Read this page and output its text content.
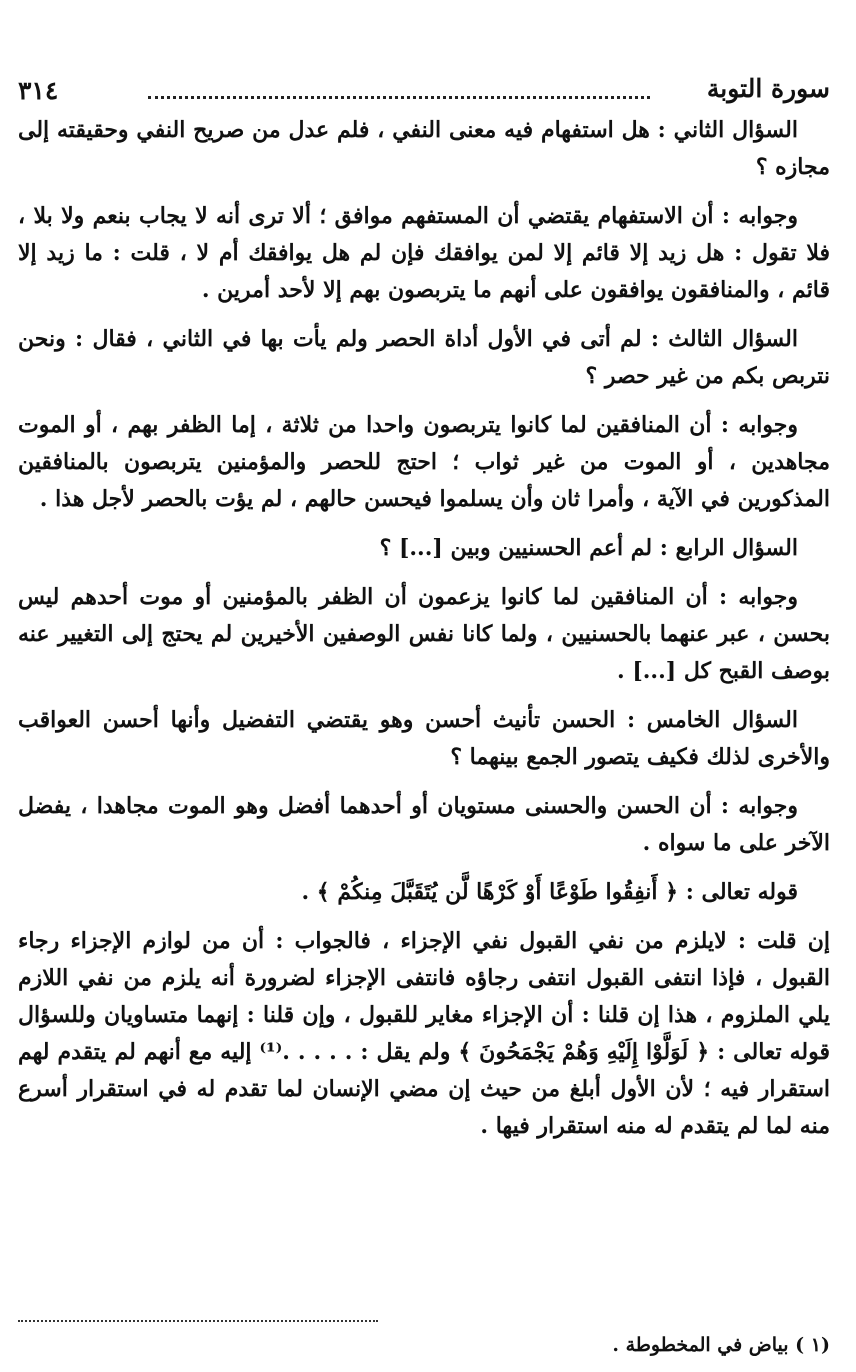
سورة التوبة
٣١٤

السؤال الثاني : هل استفهام فيه معنى النفي ، فلم عدل من صريح النفي وحقيقته إلى مجازه ؟

وجوابه : أن الاستفهام يقتضي أن المستفهم موافق ؛ ألا ترى أنه لا يجاب بنعم ولا بلا ، فلا تقول : هل زيد إلا قائم إلا لمن يوافقك فإن لم هل يوافقك أم لا ، قلت : ما زيد إلا قائم ، والمنافقون يوافقون على أنهم ما يتربصون بهم إلا لأحد أمرين .

السؤال الثالث : لم أتى في الأول أداة الحصر ولم يأت بها في الثاني ، فقال : ونحن نتربص بكم من غير حصر ؟

وجوابه : أن المنافقين لما كانوا يتربصون واحدا من ثلاثة ، إما الظفر بهم ، أو الموت مجاهدين ، أو الموت من غير ثواب ؛ احتج للحصر والمؤمنين يتربصون بالمنافقين المذكورين في الآية ، وأمرا ثان وأن يسلموا فيحسن حالهم ، لم يؤت بالحصر لأجل هذا .

السؤال الرابع : لم أعم الحسنيين وبين [...] ؟

وجوابه : أن المنافقين لما كانوا يزعمون أن الظفر بالمؤمنين أو موت أحدهم ليس بحسن ، عبر عنهما بالحسنيين ، ولما كانا نفس الوصفين الأخيرين لم يحتج إلى التغيير عنه بوصف القبح كل [...] .

السؤال الخامس : الحسن تأنيث أحسن وهو يقتضي التفضيل وأنها أحسن العواقب والأخرى لذلك فكيف يتصور الجمع بينهما ؟

وجوابه : أن الحسن والحسنى مستويان أو أحدهما أفضل وهو الموت مجاهدا ، يفضل الآخر على ما سواه .

قوله تعالى : ﴿ أَنفِقُوا طَوْعًا أَوْ كَرْهًا لَّن يُتَقَبَّلَ مِنكُمْ ﴾ .

إن قلت : لايلزم من نفي القبول نفي الإجزاء ، فالجواب : أن من لوازم الإجزاء رجاء القبول ، فإذا انتفى القبول انتفى رجاؤه فانتفى الإجزاء لضرورة أنه يلزم من نفي اللازم يلي الملزوم ، هذا إن قلنا : أن الإجزاء مغاير للقبول ، وإن قلنا : إنهما متساويان وللسؤال قوله تعالى : ﴿ لَوَلَّوْا إِلَيْهِ وَهُمْ يَجْمَحُونَ ﴾ ولم يقل : . . . . .⁽¹⁾ إليه مع أنهم لم يتقدم لهم استقرار فيه ؛ لأن الأول أبلغ من حيث إن مضي الإنسان لما تقدم له في استقرار أسرع منه لما لم يتقدم له منه استقرار فيها .

(١ ) بياض في المخطوطة .
